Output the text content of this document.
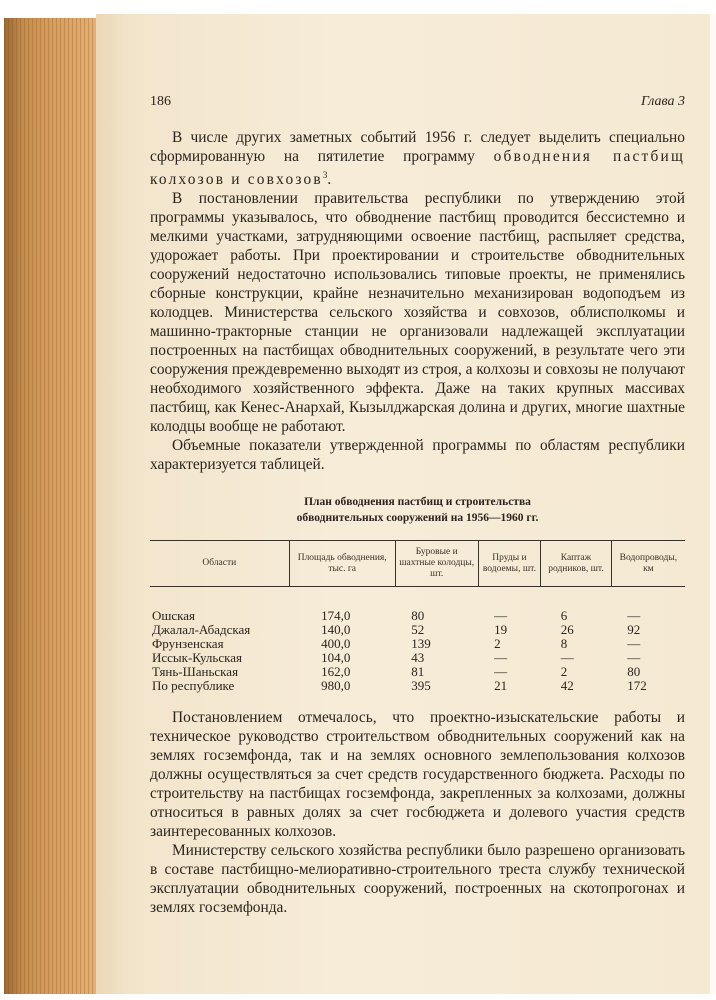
186	Глава 3

В числе других заметных событий 1956 г. следует выделить специально сформированную на пятилетие программу обводнения пастбищ колхозов и совхозов$^3$.

В постановлении правительства республики по утверждению этой программы указывалось, что обводнение пастбищ проводится бессистемно и мелкими участками, затрудняющими освоение пастбищ, распыляет средства, удорожает работы. При проектировании и строительстве обводнительных сооружений недостаточно использовались типовые проекты, не применялись сборные конструкции, крайне незначительно механизирован водоподъем из колодцев. Министерства сельского хозяйства и совхозов, облисполкомы и машинно-тракторные станции не организовали надлежащей эксплуатации построенных на пастбищах обводнительных сооружений, в результате чего эти сооружения преждевременно выходят из строя, а колхозы и совхозы не получают необходимого хозяйственного эффекта. Даже на таких крупных массивах пастбищ, как Кенес-Анархай, Кызылджарская долина и других, многие шахтные колодцы вообще не работают.

Объемные показатели утвержденной программы по областям республики характеризуется таблицей.

План обводнения пастбищ и строительства
обводнительных сооружений на 1956—1960 гг.
Области	Площадь обводнения, тыс. га	Буровые и шахтные колодцы, шт.	Пруды и водоемы, шт.	Каптаж родников, шт.	Водопроводы, км

Ошская	174,0	80	—	6	—
Джалал-Абадская	140,0	52	19	26	92
Фрунзенская	400,0	139	2	8	—
Иссык-Кульская	104,0	43	—	—	—
Тянь-Шаньская	162,0	81	—	2	80
По республике	980,0	395	21	42	172

Постановлением отмечалось, что проектно-изыскательские работы и техническое руководство строительством обводнительных сооружений как на землях госземфонда, так и на землях основного землепользования колхозов должны осуществляться за счет средств государственного бюджета. Расходы по строительству на пастбищах госземфонда, закрепленных за колхозами, должны относиться в равных долях за счет госбюджета и долевого участия средств заинтересованных колхозов.

Министерству сельского хозяйства республики было разрешено организовать в составе пастбищно-мелиоративно-строительного треста службу технической эксплуатации обводнительных сооружений, построенных на скотопрогонах и землях госземфонда.
